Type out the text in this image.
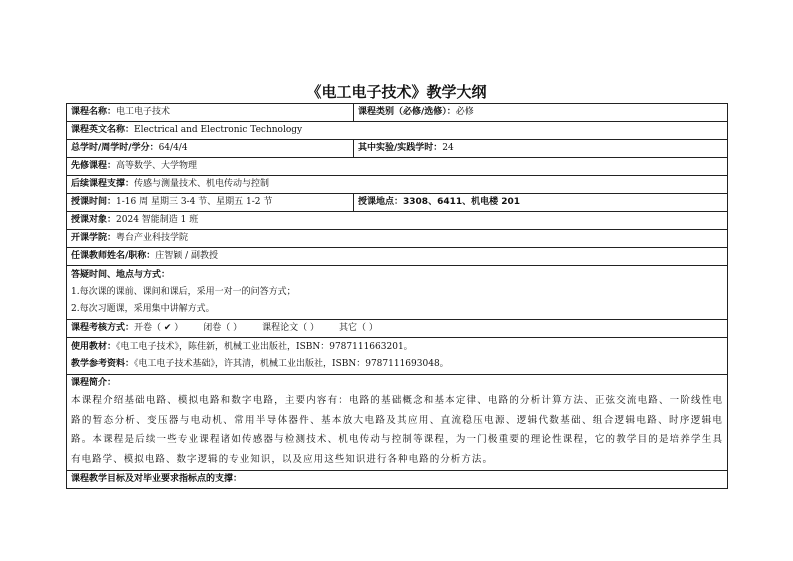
《电工电子技术》教学大纲
课程名称：电工电子技术	课程类别（必修/选修）：必修
课程英文名称：Electrical and Electronic Technology	
总学时/周学时/学分：64/4/4	其中实验/实践学时：24
先修课程：高等数学、大学物理	
后续课程支撑：传感与测量技术、机电传动与控制	
授课时间：1-16 周 星期三 3-4 节、星期五 1-2 节	授课地点：3308、6411、机电楼 201
授课对象：2024 智能制造 1 班	
开课学院：粤台产业科技学院	
任课教师姓名/职称：庄智颖 / 副教授	

答疑时间、地点与方式：
1.每次课的课前、课间和课后，采用一对一的问答方式；
2.每次习题课，采用集中讲解方式。	

课程考核方式：开卷（ ✔ ） 闭卷（ ） 课程论文（ ） 其它（ ）	

使用教材：《电工电子技术》，陈佳新，机械工业出版社，ISBN：9787111663201。
教学参考资料：《电工电子技术基础》，许其清，机械工业出版社，ISBN：9787111693048。	

课程简介：

本课程介绍基础电路、模拟电路和数字电路，主要内容有：电路的基础概念和基本定律、电路的分析计算方法、正弦交流电路、一阶线性电路的暂态分析、变压器与电动机、常用半导体器件、基本放大电路及其应用、直流稳压电源、逻辑代数基础、组合逻辑电路、时序逻辑电路。本课程是后续一些专业课程诸如传感器与检测技术、机电传动与控制等课程，为一门极重要的理论性课程，它的教学目的是培养学生具有电路学、模拟电路、数字逻辑的专业知识，以及应用这些知识进行各种电路的分析方法。	

课程教学目标及对毕业要求指标点的支撑：	
